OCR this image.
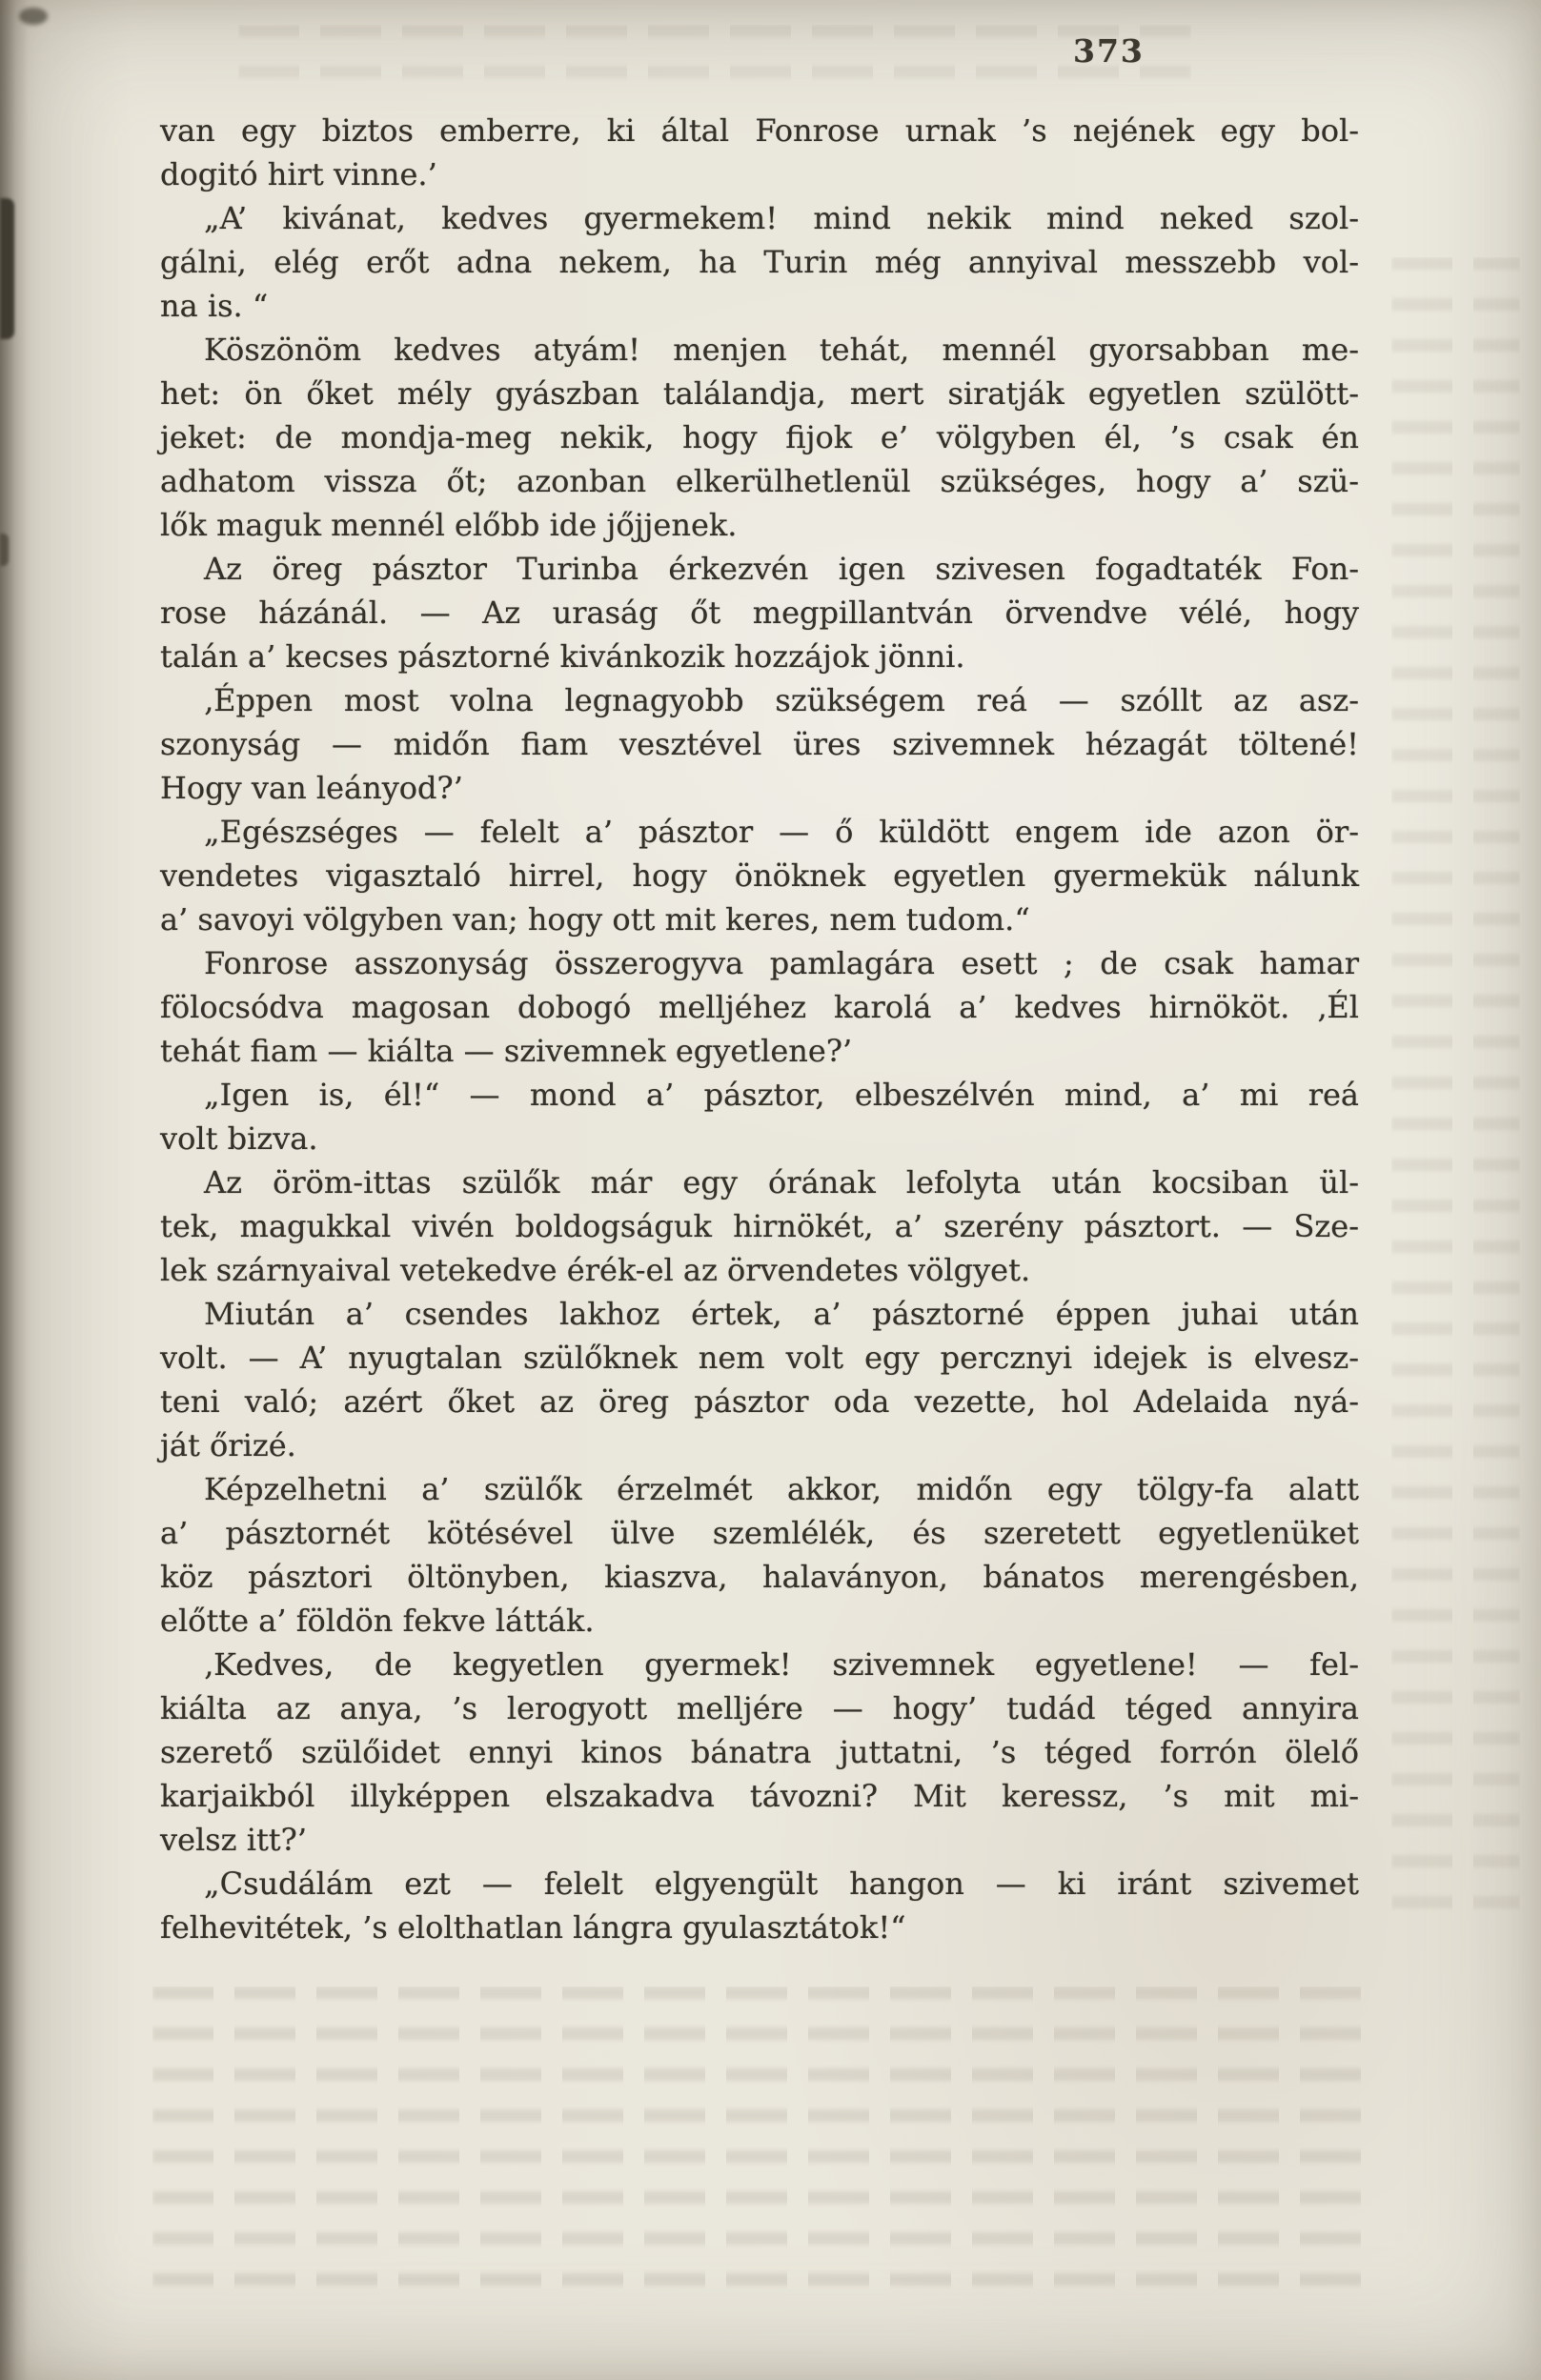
373
van egy biztos emberre, ki által Fonrose urnak ’s nejének egy bol-
dogitó hirt vinne.’
„A’ kivánat, kedves gyermekem! mind nekik mind neked szol-
gálni, elég erőt adna nekem, ha Turin még annyival messzebb vol-
na is. “
Köszönöm kedves atyám! menjen tehát, mennél gyorsabban me-
het: ön őket mély gyászban találandja, mert siratják egyetlen szülött-
jeket: de mondja-meg nekik, hogy fijok e’ völgyben él, ’s csak én
adhatom vissza őt; azonban elkerülhetlenül szükséges, hogy a’ szü-
lők maguk mennél előbb ide jőjjenek.
Az öreg pásztor Turinba érkezvén igen szivesen fogadtaték Fon-
rose házánál. — Az uraság őt megpillantván örvendve vélé, hogy
talán a’ kecses pásztorné kivánkozik hozzájok jönni.
‚Éppen most volna legnagyobb szükségem reá — szóllt az asz-
szonyság — midőn fiam vesztével üres szivemnek hézagát töltené!
Hogy van leányod?’
„Egészséges — felelt a’ pásztor — ő küldött engem ide azon ör-
vendetes vigasztaló hirrel, hogy önöknek egyetlen gyermekük nálunk
a’ savoyi völgyben van; hogy ott mit keres, nem tudom.“
Fonrose asszonyság összerogyva pamlagára esett ; de csak hamar
fölocsódva magosan dobogó melljéhez karolá a’ kedves hirnököt. ‚Él
tehát fiam — kiálta — szivemnek egyetlene?’
„Igen is, él!“ — mond a’ pásztor, elbeszélvén mind, a’ mi reá
volt bizva.
Az öröm-ittas szülők már egy órának lefolyta után kocsiban ül-
tek, magukkal vivén boldogságuk hirnökét, a’ szerény pásztort. — Sze-
lek szárnyaival vetekedve érék-el az örvendetes völgyet.
Miután a’ csendes lakhoz értek, a’ pásztorné éppen juhai után
volt. — A’ nyugtalan szülőknek nem volt egy percznyi idejek is elvesz-
teni való; azért őket az öreg pásztor oda vezette, hol Adelaida nyá-
ját őrizé.
Képzelhetni a’ szülők érzelmét akkor, midőn egy tölgy-fa alatt
a’ pásztornét kötésével ülve szemlélék, és szeretett egyetlenüket
köz pásztori öltönyben, kiaszva, halaványon, bánatos merengésben,
előtte a’ földön fekve látták.
‚Kedves, de kegyetlen gyermek! szivemnek egyetlene! — fel-
kiálta az anya, ’s lerogyott melljére — hogy’ tudád téged annyira
szerető szülőidet ennyi kinos bánatra juttatni, ’s téged forrón ölelő
karjaikból illyképpen elszakadva távozni? Mit keressz, ’s mit mi-
velsz itt?’
„Csudálám ezt — felelt elgyengült hangon — ki iránt szivemet
felhevitétek, ’s elolthatlan lángra gyulasztátok!“
